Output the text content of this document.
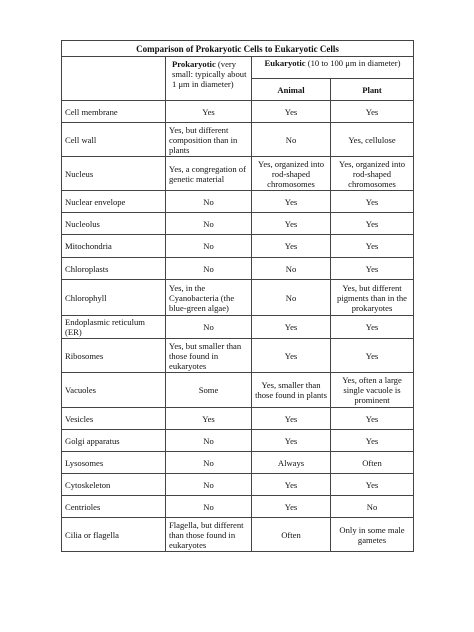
Comparison of Prokaryotic Cells to Eukaryotic Cells			
	Prokaryotic (very small: typically about 1 μm in diameter)	Eukaryotic (10 to 100 μm in diameter)	
		Animal	Plant
Cell membrane	Yes	Yes	Yes
Cell wall	Yes, but different composition than in plants	No	Yes, cellulose
Nucleus	Yes, a congregation of genetic material	Yes, organized into rod-shaped chromosomes	Yes, organized into rod-shaped chromosomes
Nuclear envelope	No	Yes	Yes
Nucleolus	No	Yes	Yes
Mitochondria	No	Yes	Yes
Chloroplasts	No	No	Yes
Chlorophyll	Yes, in the Cyanobacteria (the blue-green algae)	No	Yes, but different pigments than in the prokaryotes
Endoplasmic reticulum (ER)	No	Yes	Yes
Ribosomes	Yes, but smaller than those found in eukaryotes	Yes	Yes
Vacuoles	Some	Yes, smaller than those found in plants	Yes, often a large single vacuole is prominent
Vesicles	Yes	Yes	Yes
Golgi apparatus	No	Yes	Yes
Lysosomes	No	Always	Often
Cytoskeleton	No	Yes	Yes
Centrioles	No	Yes	No
Cilia or flagella	Flagella, but different than those found in eukaryotes	Often	Only in some male gametes
